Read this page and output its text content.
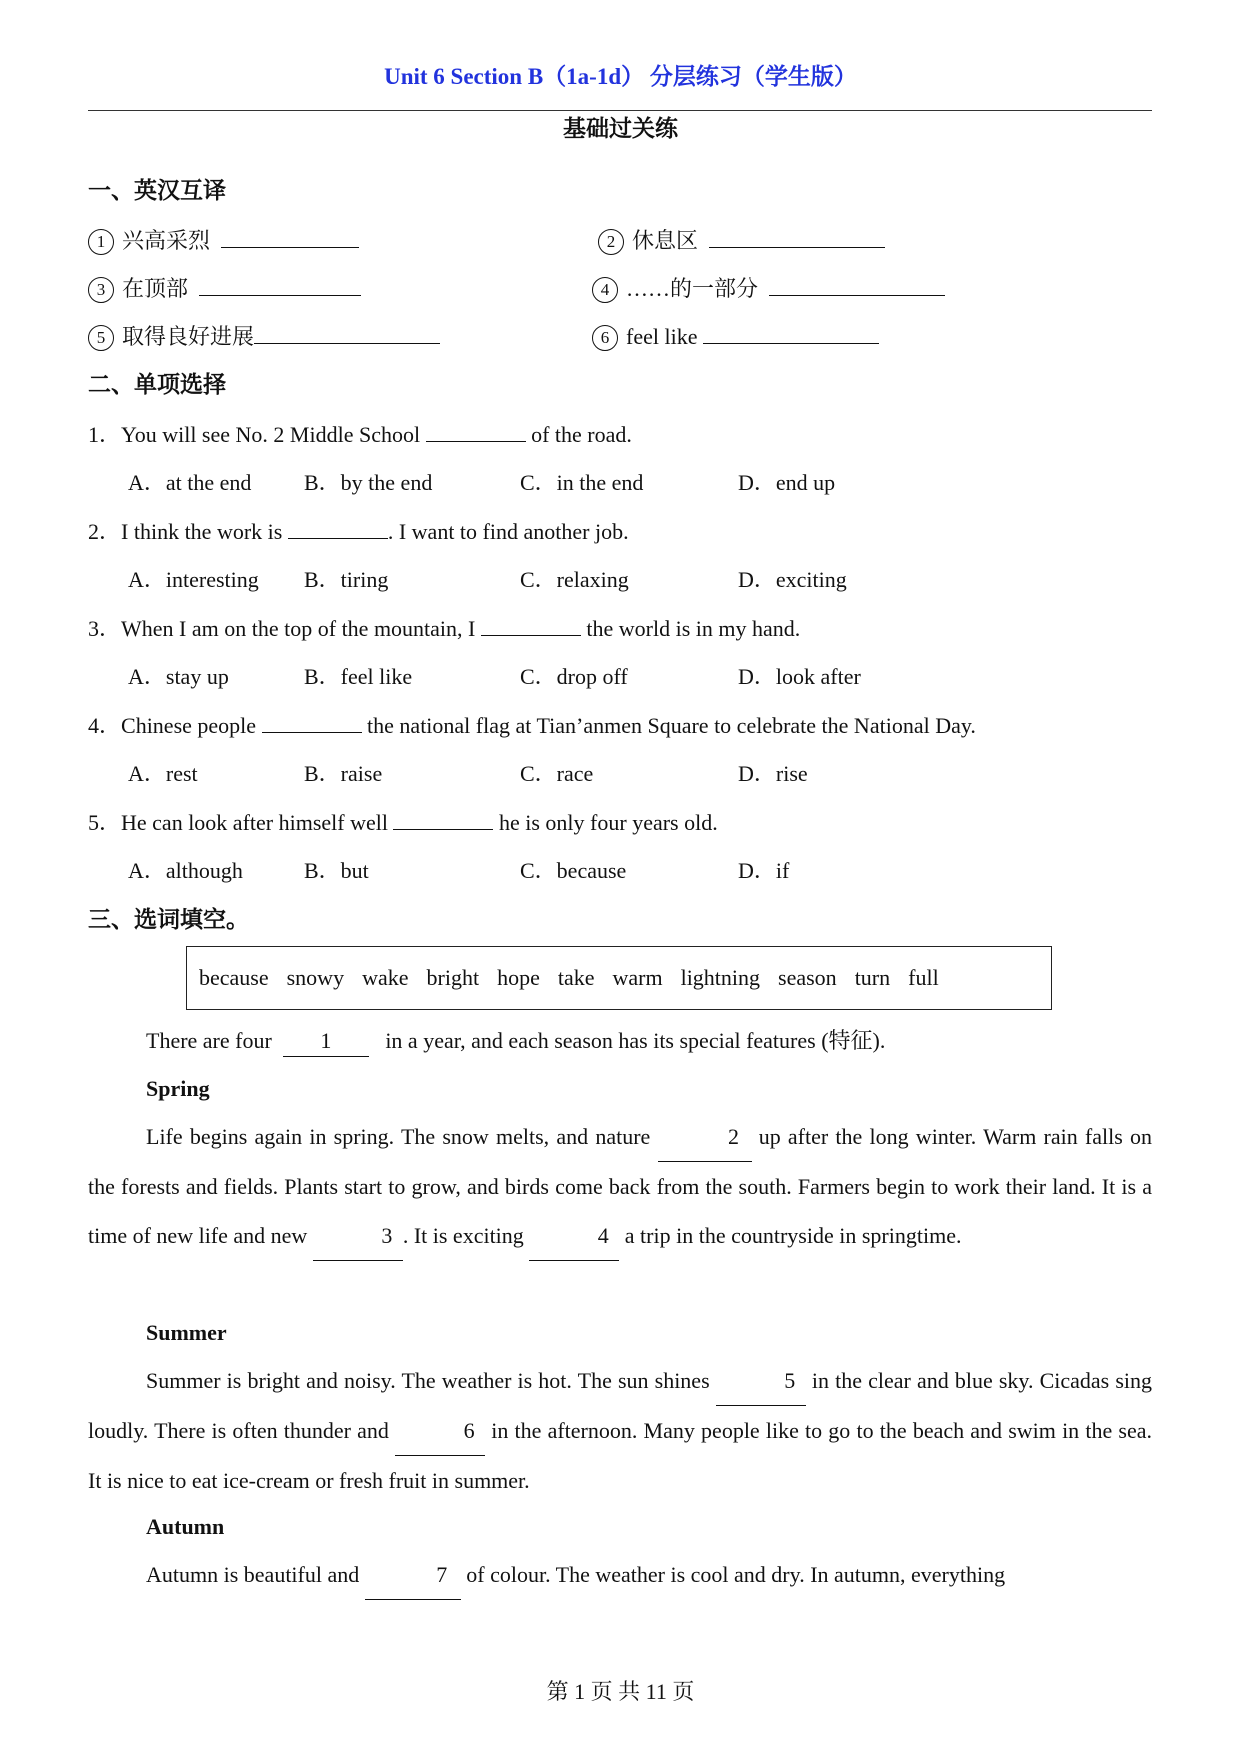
Unit 6 Section B（1a-1d） 分层练习（学生版）
基础过关练
一、英汉互译
1 兴高采烈	2 休息区
3 在顶部	4 ……的一部分
5 取得良好进展	6 feel like
二、单项选择
1．You will see No. 2 Middle School	of the road.
A．at the end B．by the end	C．in the end	D．end up
2．I think the work is	. I want to find another job.
A．interesting B．tiring	C．relaxing	D．exciting
3．When I am on the top of the mountain, I	the world is in my hand.
A．stay up	B．feel like	C．drop off	D．look after
4．Chinese people	the national flag at Tian’anmen Square to celebrate the National Day.
A．rest	B．raise	C．race	D．rise
5．He can look after himself well	he is only four years old.
A．although	B．but	C．because	D．if
三、选词填空。
because snowy wake bright hope take warm lightning season turn full
There are four  1   in a year, and each season has its special features (特征).
Spring
Life begins again in spring. The snow melts, and nature	2 up after the long winter. Warm rain falls on the forests and fields. Plants start to grow, and birds come back from the south. Farmers begin to work their land. It is a time of new life and new	3 . It is exciting	4 a trip in the countryside in springtime.
Summer
Summer is bright and noisy. The weather is hot. The sun shines	5 in the clear and blue sky. Cicadas sing loudly. There is often thunder and	6 in the afternoon. Many people like to go to the beach and swim in the sea. It is nice to eat ice-cream or fresh fruit in summer.
Autumn
Autumn is beautiful and	7 of colour. The weather is cool and dry. In autumn, everything
第 1 页 共 11 页
